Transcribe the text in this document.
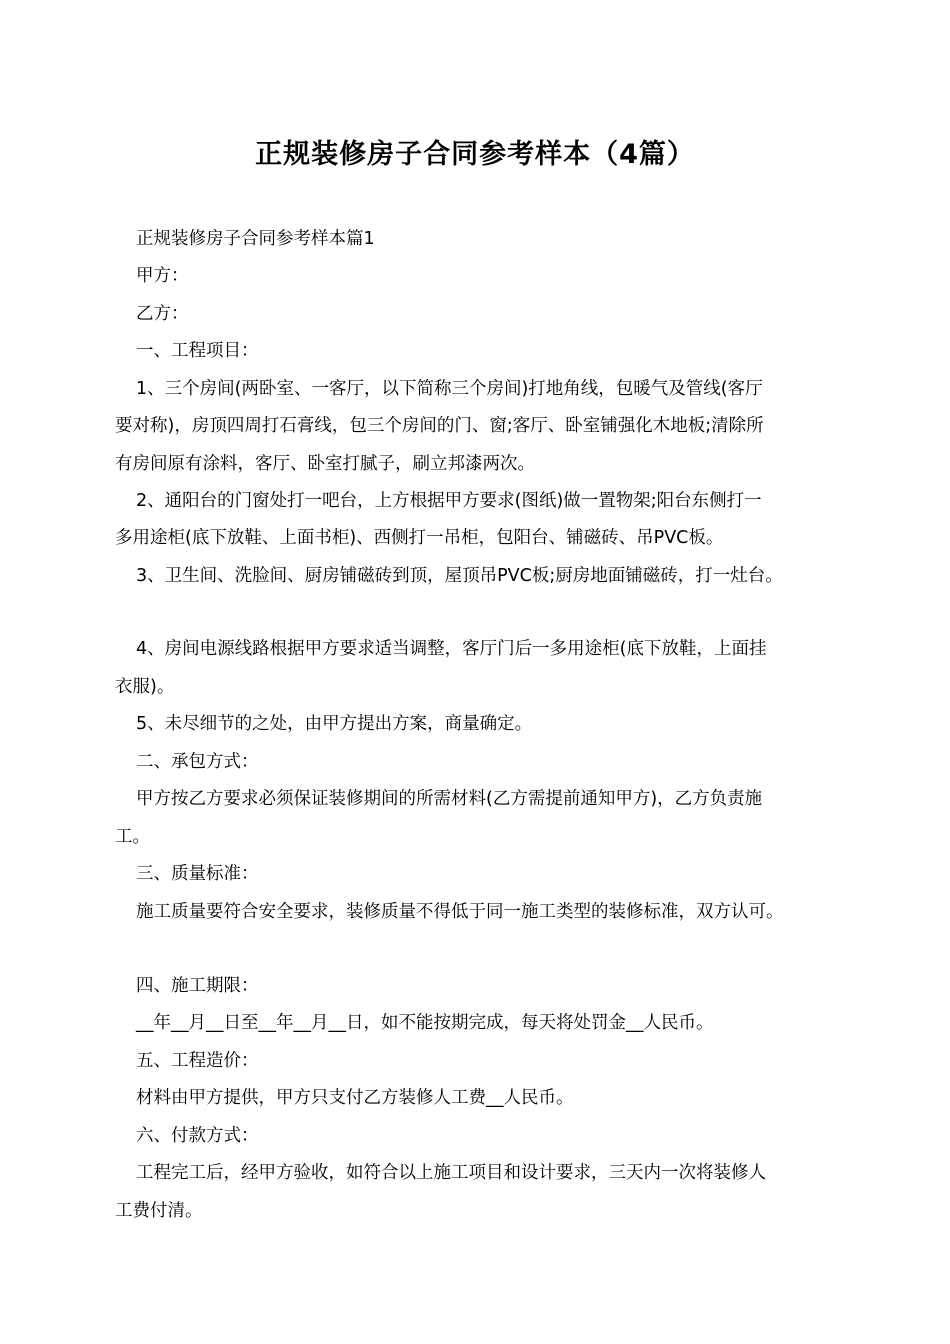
正规装修房子合同参考样本（4篇）
正规装修房子合同参考样本篇1
甲方：
乙方：
一、工程项目：
1、三个房间(两卧室、一客厅，以下简称三个房间)打地角线，包暖气及管线(客厅
要对称)，房顶四周打石膏线，包三个房间的门、窗;客厅、卧室铺强化木地板;清除所
有房间原有涂料，客厅、卧室打腻子，刷立邦漆两次。
2、通阳台的门窗处打一吧台，上方根据甲方要求(图纸)做一置物架;阳台东侧打一
多用途柜(底下放鞋、上面书柜)、西侧打一吊柜，包阳台、铺磁砖、吊PVC板。
3、卫生间、洗脸间、厨房铺磁砖到顶，屋顶吊PVC板;厨房地面铺磁砖，打一灶台。
4、房间电源线路根据甲方要求适当调整，客厅门后一多用途柜(底下放鞋，上面挂
衣服)。
5、未尽细节的之处，由甲方提出方案，商量确定。
二、承包方式：
甲方按乙方要求必须保证装修期间的所需材料(乙方需提前通知甲方)，乙方负责施
工。
三、质量标准：
施工质量要符合安全要求，装修质量不得低于同一施工类型的装修标准，双方认可。
四、施工期限：
__年__月__日至__年__月__日，如不能按期完成，每天将处罚金__人民币。
五、工程造价：
材料由甲方提供，甲方只支付乙方装修人工费__人民币。
六、付款方式：
工程完工后，经甲方验收，如符合以上施工项目和设计要求，三天内一次将装修人
工费付清。
